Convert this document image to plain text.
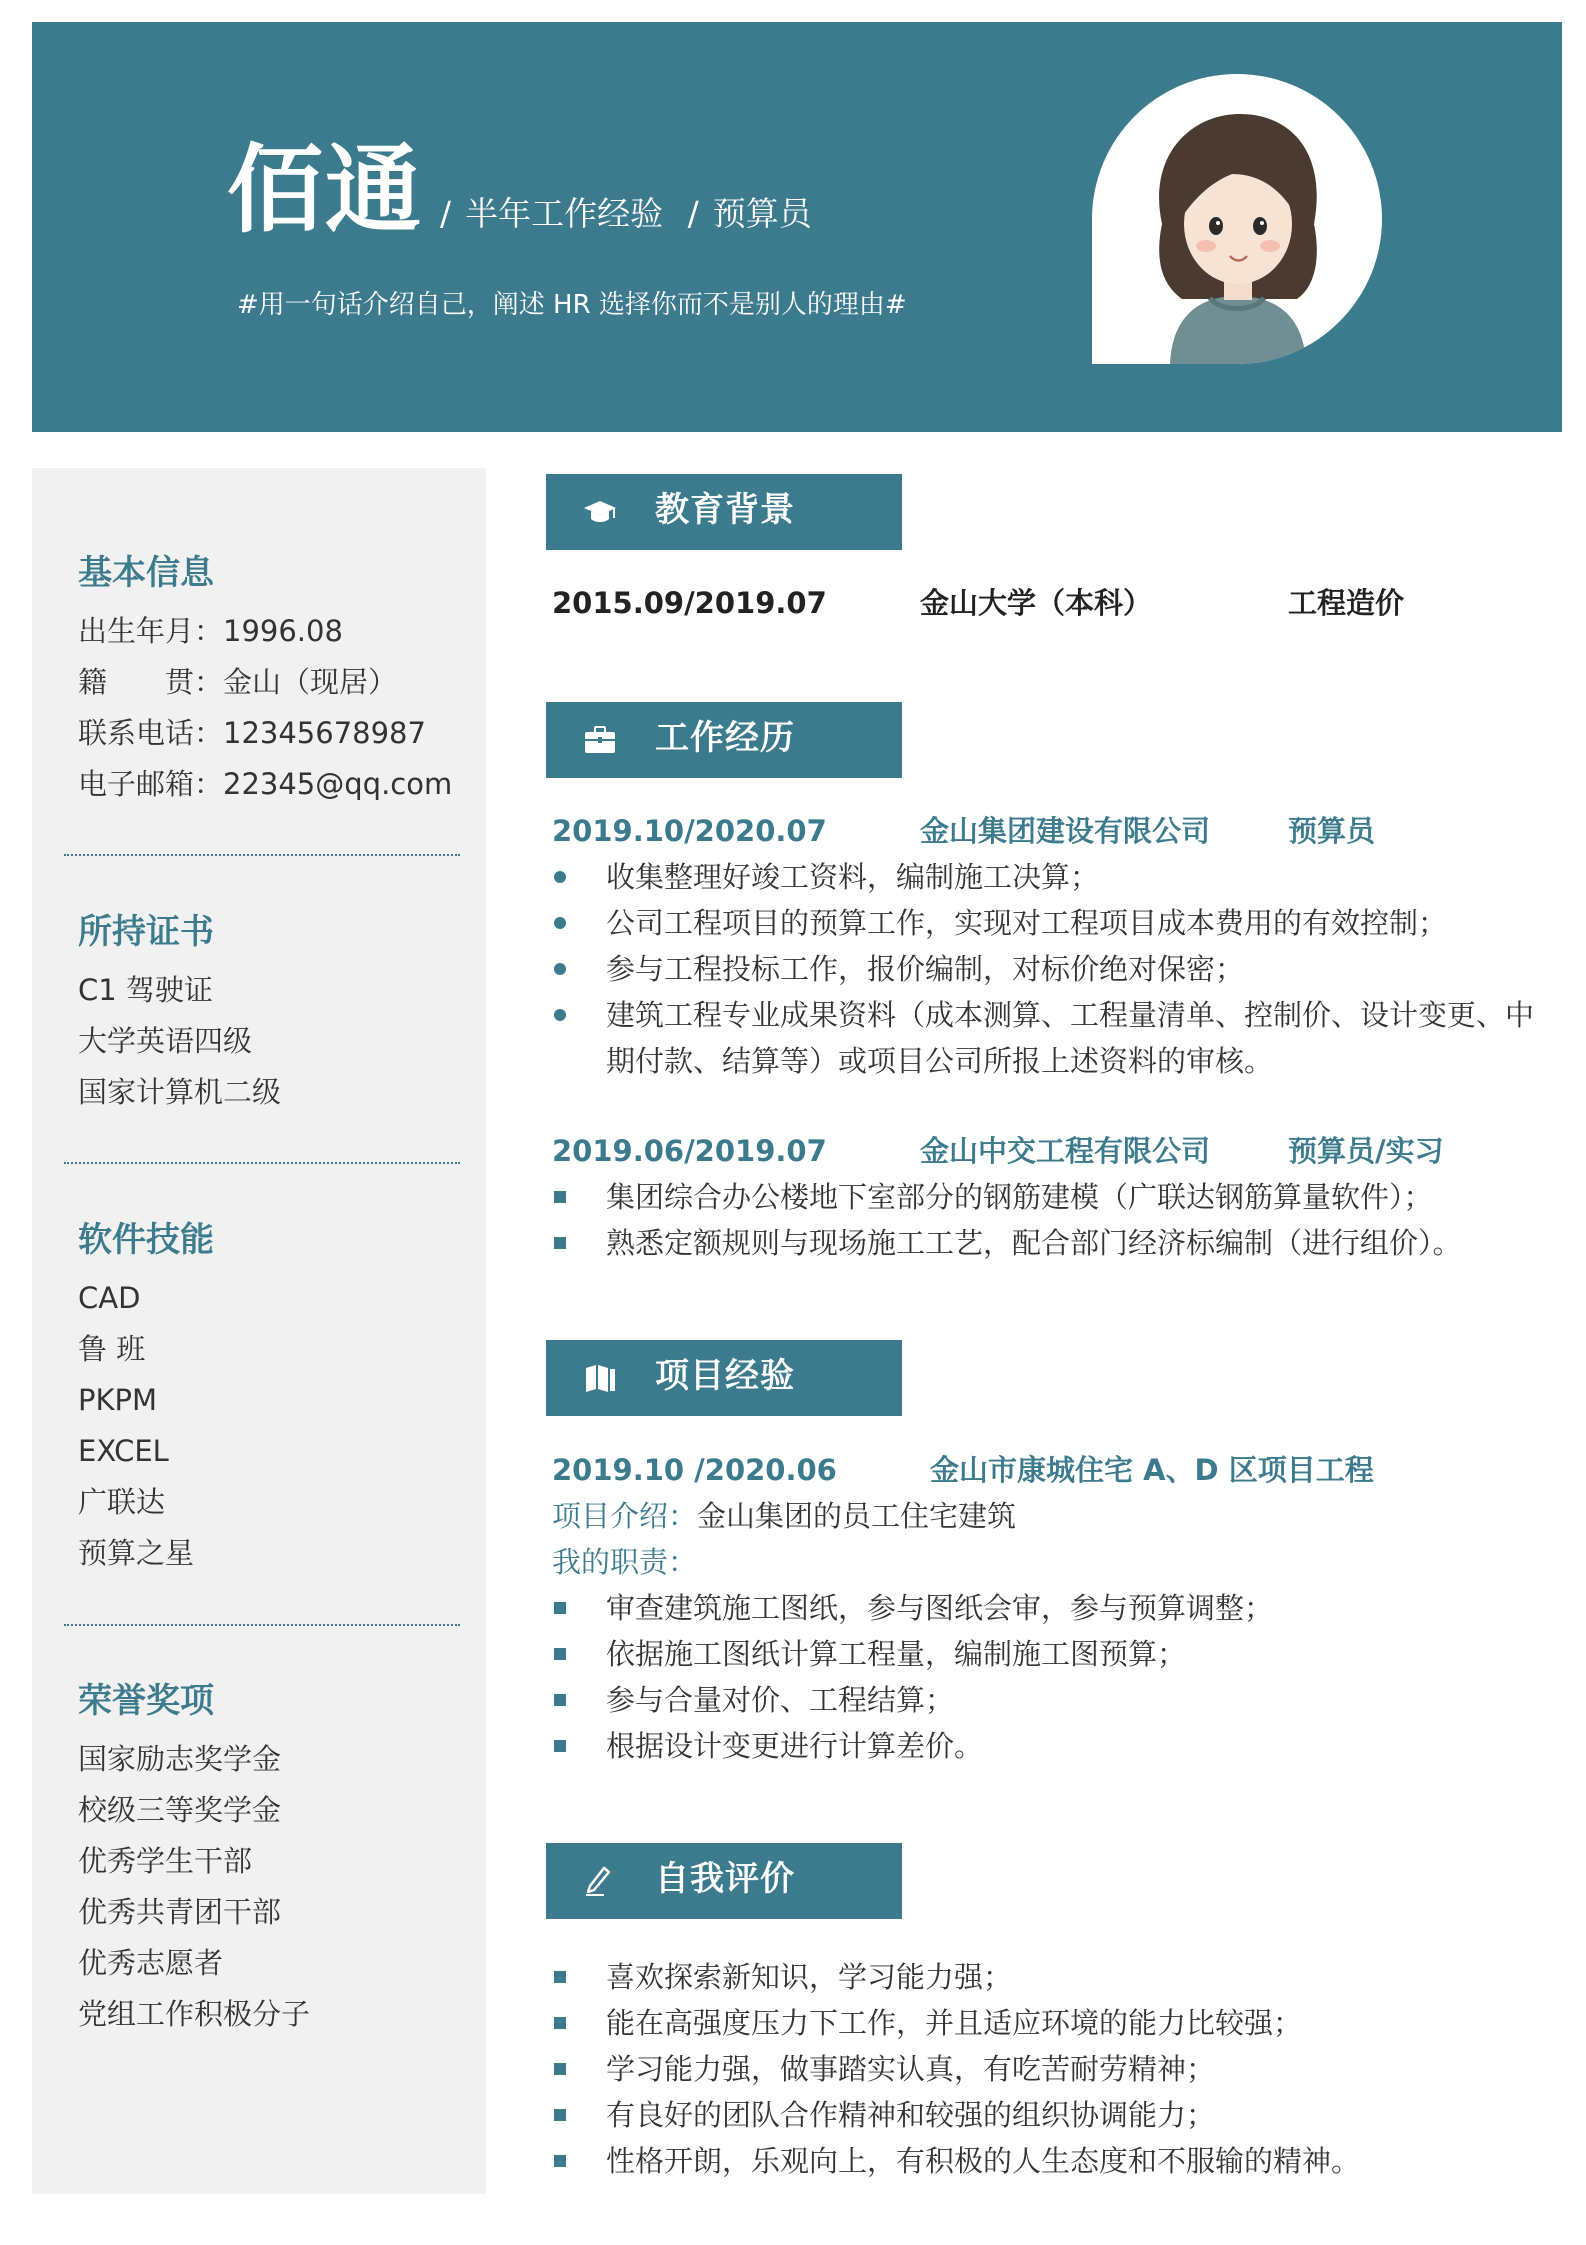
佰通 / 半年工作经验 / 预算员
#用一句话介绍自己，阐述 HR 选择你而不是别人的理由#
基本信息
出生年月：1996.08
籍　　贯：金山（现居）
联系电话：12345678987
电子邮箱：22345@qq.com
所持证书
C1 驾驶证
大学英语四级
国家计算机二级
软件技能
CAD
鲁 班
PKPM
EXCEL
广联达
预算之星
荣誉奖项
国家励志奖学金
校级三等奖学金
优秀学生干部
优秀共青团干部
优秀志愿者
党组工作积极分子
教育背景
2015.09/2019.07	金山大学（本科）	工程造价
工作经历
2019.10/2020.07	金山集团建设有限公司	预算员
收集整理好竣工资料，编制施工决算；
公司工程项目的预算工作，实现对工程项目成本费用的有效控制；
参与工程投标工作，报价编制，对标价绝对保密；
建筑工程专业成果资料（成本测算、工程量清单、控制价、设计变更、中期付款、结算等）或项目公司所报上述资料的审核。
2019.06/2019.07	金山中交工程有限公司	预算员/实习
集团综合办公楼地下室部分的钢筋建模（广联达钢筋算量软件）；
熟悉定额规则与现场施工工艺，配合部门经济标编制（进行组价）。
项目经验
2019.10 /2020.06	金山市康城住宅 A、D 区项目工程
项目介绍：金山集团的员工住宅建筑
我的职责：
审查建筑施工图纸，参与图纸会审，参与预算调整；
依据施工图纸计算工程量，编制施工图预算；
参与合量对价、工程结算；
根据设计变更进行计算差价。
自我评价
喜欢探索新知识，学习能力强；
能在高强度压力下工作，并且适应环境的能力比较强；
学习能力强，做事踏实认真，有吃苦耐劳精神；
有良好的团队合作精神和较强的组织协调能力；
性格开朗，乐观向上，有积极的人生态度和不服输的精神。
